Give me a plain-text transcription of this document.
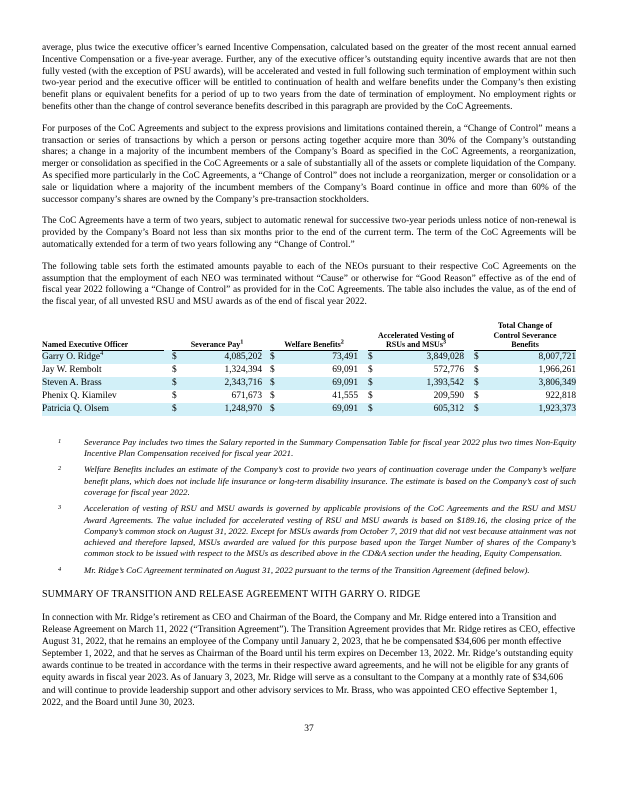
average, plus twice the executive officer’s earned Incentive Compensation, calculated based on the greater of the most recent annual earned Incentive Compensation or a five-year average. Further, any of the executive officer’s outstanding equity incentive awards that are not then fully vested (with the exception of PSU awards), will be accelerated and vested in full following such termination of employment within such two-year period and the executive officer will be entitled to continuation of health and welfare benefits under the Company’s then existing benefit plans or equivalent benefits for a period of up to two years from the date of termination of employment. No employment rights or benefits other than the change of control severance benefits described in this paragraph are provided by the CoC Agreements.

For purposes of the CoC Agreements and subject to the express provisions and limitations contained therein, a “Change of Control” means a transaction or series of transactions by which a person or persons acting together acquire more than 30% of the Company’s outstanding shares; a change in a majority of the incumbent members of the Company’s Board as specified in the CoC Agreements, a reorganization, merger or consolidation as specified in the CoC Agreements or a sale of substantially all of the assets or complete liquidation of the Company. As specified more particularly in the CoC Agreements, a “Change of Control” does not include a reorganization, merger or consolidation or a sale or liquidation where a majority of the incumbent members of the Company’s Board continue in office and more than 60% of the successor company’s shares are owned by the Company’s pre-transaction stockholders.

The CoC Agreements have a term of two years, subject to automatic renewal for successive two-year periods unless notice of non-renewal is provided by the Company’s Board not less than six months prior to the end of the current term. The term of the CoC Agreements will be automatically extended for a term of two years following any “Change of Control.”

The following table sets forth the estimated amounts payable to each of the NEOs pursuant to their respective CoC Agreements on the assumption that the employment of each NEO was terminated without “Cause” or otherwise for “Good Reason” effective as of the end of fiscal year 2022 following a “Change of Control” as provided for in the CoC Agreements. The table also includes the value, as of the end of the fiscal year, of all unvested RSU and MSU awards as of the end of fiscal year 2022.

Named Executive Officer		Severance Pay$^1$			Welfare Benefits$^2$			Accelerated Vesting of RSUs and MSUs$^3$			Total Change of Control Severance Benefits	
Garry O. Ridge$^4$		$	4,085,202		$	73,491		$	3,849,028		$	8,007,721
Jay W. Rembolt		$	1,324,394		$	69,091		$	572,776		$	1,966,261
Steven A. Brass		$	2,343,716		$	69,091		$	1,393,542		$	3,806,349
Phenix Q. Kiamilev		$	671,673		$	41,555		$	209,590		$	922,818
Patricia Q. Olsem		$	1,248,970		$	69,091		$	605,312		$	1,923,373
1	Severance Pay includes two times the Salary reported in the Summary Compensation Table for fiscal year 2022 plus two times Non-Equity Incentive Plan Compensation received for fiscal year 2021.
2	Welfare Benefits includes an estimate of the Company’s cost to provide two years of continuation coverage under the Company’s welfare benefit plans, which does not include life insurance or long-term disability insurance. The estimate is based on the Company’s cost of such coverage for fiscal year 2022.
3	Acceleration of vesting of RSU and MSU awards is governed by applicable provisions of the CoC Agreements and the RSU and MSU Award Agreements. The value included for accelerated vesting of RSU and MSU awards is based on $189.16, the closing price of the Company’s common stock on August 31, 2022. Except for MSUs awards from October 7, 2019 that did not vest because attainment was not achieved and therefore lapsed, MSUs awarded are valued for this purpose based upon the Target Number of shares of the Company’s common stock to be issued with respect to the MSUs as described above in the CD&A section under the heading, Equity Compensation.
4	Mr. Ridge’s CoC Agreement terminated on August 31, 2022 pursuant to the terms of the Transition Agreement (defined below).
SUMMARY OF TRANSITION AND RELEASE AGREEMENT WITH GARRY O. RIDGE

In connection with Mr. Ridge’s retirement as CEO and Chairman of the Board, the Company and Mr. Ridge entered into a Transition and Release Agreement on March 11, 2022 (“Transition Agreement”). The Transition Agreement provides that Mr. Ridge retires as CEO, effective August 31, 2022, that he remains an employee of the Company until January 2, 2023, that he be compensated $34,606 per month effective September 1, 2022, and that he serves as Chairman of the Board until his term expires on December 13, 2022. Mr. Ridge’s outstanding equity awards continue to be treated in accordance with the terms in their respective award agreements, and he will not be eligible for any grants of equity awards in fiscal year 2023. As of January 3, 2023, Mr. Ridge will serve as a consultant to the Company at a monthly rate of $34,606 and will continue to provide leadership support and other advisory services to Mr. Brass, who was appointed CEO effective September 1, 2022, and the Board until June 30, 2023.

37
